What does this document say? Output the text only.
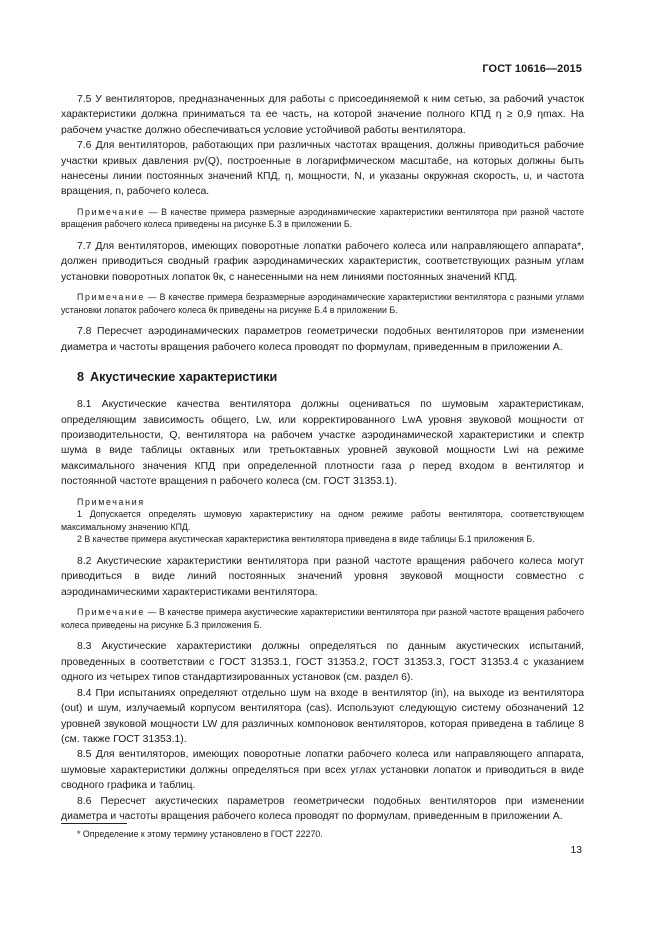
ГОСТ 10616—2015

7.5 У вентиляторов, предназначенных для работы с присоединяемой к ним сетью, за рабочий участок характеристики должна приниматься та ее часть, на которой значение полного КПД η ≥ 0,9 ηmax. На рабочем участке должно обеспечиваться условие устойчивой работы вентилятора.

7.6 Для вентиляторов, работающих при различных частотах вращения, должны приводиться рабочие участки кривых давления pv(Q), построенные в логарифмическом масштабе, на которых должны быть нанесены линии постоянных значений КПД, η, мощности, N, и указаны окружная скорость, u, и частота вращения, n, рабочего колеса.

Примечание — В качестве примера размерные аэродинамические характеристики вентилятора при разной частоте вращения рабочего колеса приведены на рисунке Б.3 в приложении Б.

7.7 Для вентиляторов, имеющих поворотные лопатки рабочего колеса или направляющего аппарата*, должен приводиться сводный график аэродинамических характеристик, соответствующих разным углам установки поворотных лопаток θк, с нанесенными на нем линиями постоянных значений КПД.

Примечание — В качестве примера безразмерные аэродинамические характеристики вентилятора с разными углами установки лопаток рабочего колеса θк приведены на рисунке Б.4 в приложении Б.

7.8 Пересчет аэродинамических параметров геометрически подобных вентиляторов при изменении диаметра и частоты вращения рабочего колеса проводят по формулам, приведенным в приложении А.

8 Акустические характеристики

8.1 Акустические качества вентилятора должны оцениваться по шумовым характеристикам, определяющим зависимость общего, Lw, или корректированного LwA уровня звуковой мощности от производительности, Q, вентилятора на рабочем участке аэродинамической характеристики и спектр шума в виде таблицы октавных или третьоктавных уровней звуковой мощности Lwi на режиме максимального значения КПД при определенной плотности газа ρ перед входом в вентилятор и постоянной частоте вращения n рабочего колеса (см. ГОСТ 31353.1).

Примечания

1 Допускается определять шумовую характеристику на одном режиме работы вентилятора, соответствующем максимальному значению КПД.

2 В качестве примера акустическая характеристика вентилятора приведена в виде таблицы Б.1 приложения Б.

8.2 Акустические характеристики вентилятора при разной частоте вращения рабочего колеса могут приводиться в виде линий постоянных значений уровня звуковой мощности совместно с аэродинамическими характеристиками вентилятора.

Примечание — В качестве примера акустические характеристики вентилятора при разной частоте вращения рабочего колеса приведены на рисунке Б.3 приложения Б.

8.3 Акустические характеристики должны определяться по данным акустических испытаний, проведенных в соответствии с ГОСТ 31353.1, ГОСТ 31353.2, ГОСТ 31353.3, ГОСТ 31353.4 с указанием одного из четырех типов стандартизированных установок (см. раздел 6).

8.4 При испытаниях определяют отдельно шум на входе в вентилятор (in), на выходе из вентилятора (out) и шум, излучаемый корпусом вентилятора (cas). Используют следующую систему обозначений 12 уровней звуковой мощности LW для различных компоновок вентиляторов, которая приведена в таблице 8 (см. также ГОСТ 31353.1).

8.5 Для вентиляторов, имеющих поворотные лопатки рабочего колеса или направляющего аппарата, шумовые характеристики должны определяться при всех углах установки лопаток и приводиться в виде сводного графика и таблиц.

8.6 Пересчет акустических параметров геометрически подобных вентиляторов при изменении диаметра и частоты вращения рабочего колеса проводят по формулам, приведенным в приложении А.

* Определение к этому термину установлено в ГОСТ 22270.
13
